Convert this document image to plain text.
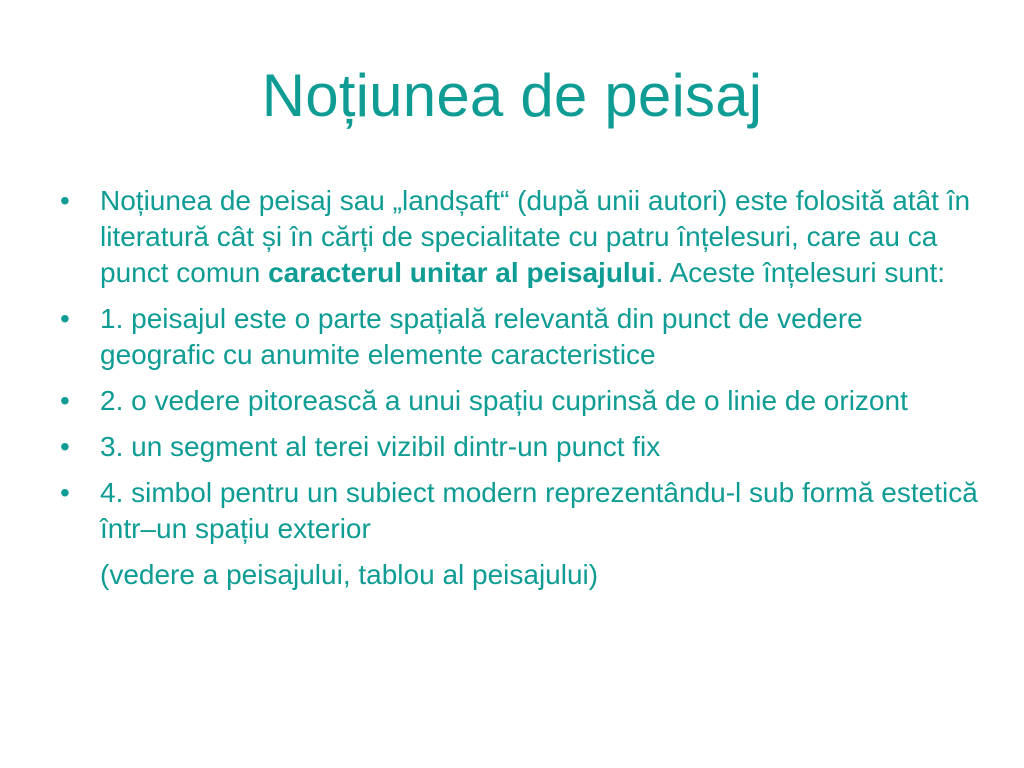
Noțiunea de peisaj
•	Noțiunea de peisaj sau „landșaft“ (după unii autori) este folosită atât în literatură cât și în cărți de specialitate cu patru înțelesuri, care au ca punct comun caracterul unitar al peisajului. Aceste înțelesuri sunt:
•	1. peisajul este o parte spațială relevantă din punct de vedere geografic cu anumite elemente caracteristice
•	2. o vedere pitorească a unui spațiu cuprinsă de o linie de orizont
•	3. un segment al terei vizibil dintr-un punct fix
•	4. simbol pentru un subiect modern reprezentându-l sub formă estetică într–un spațiu exterior
(vedere a peisajului, tablou al peisajului)
